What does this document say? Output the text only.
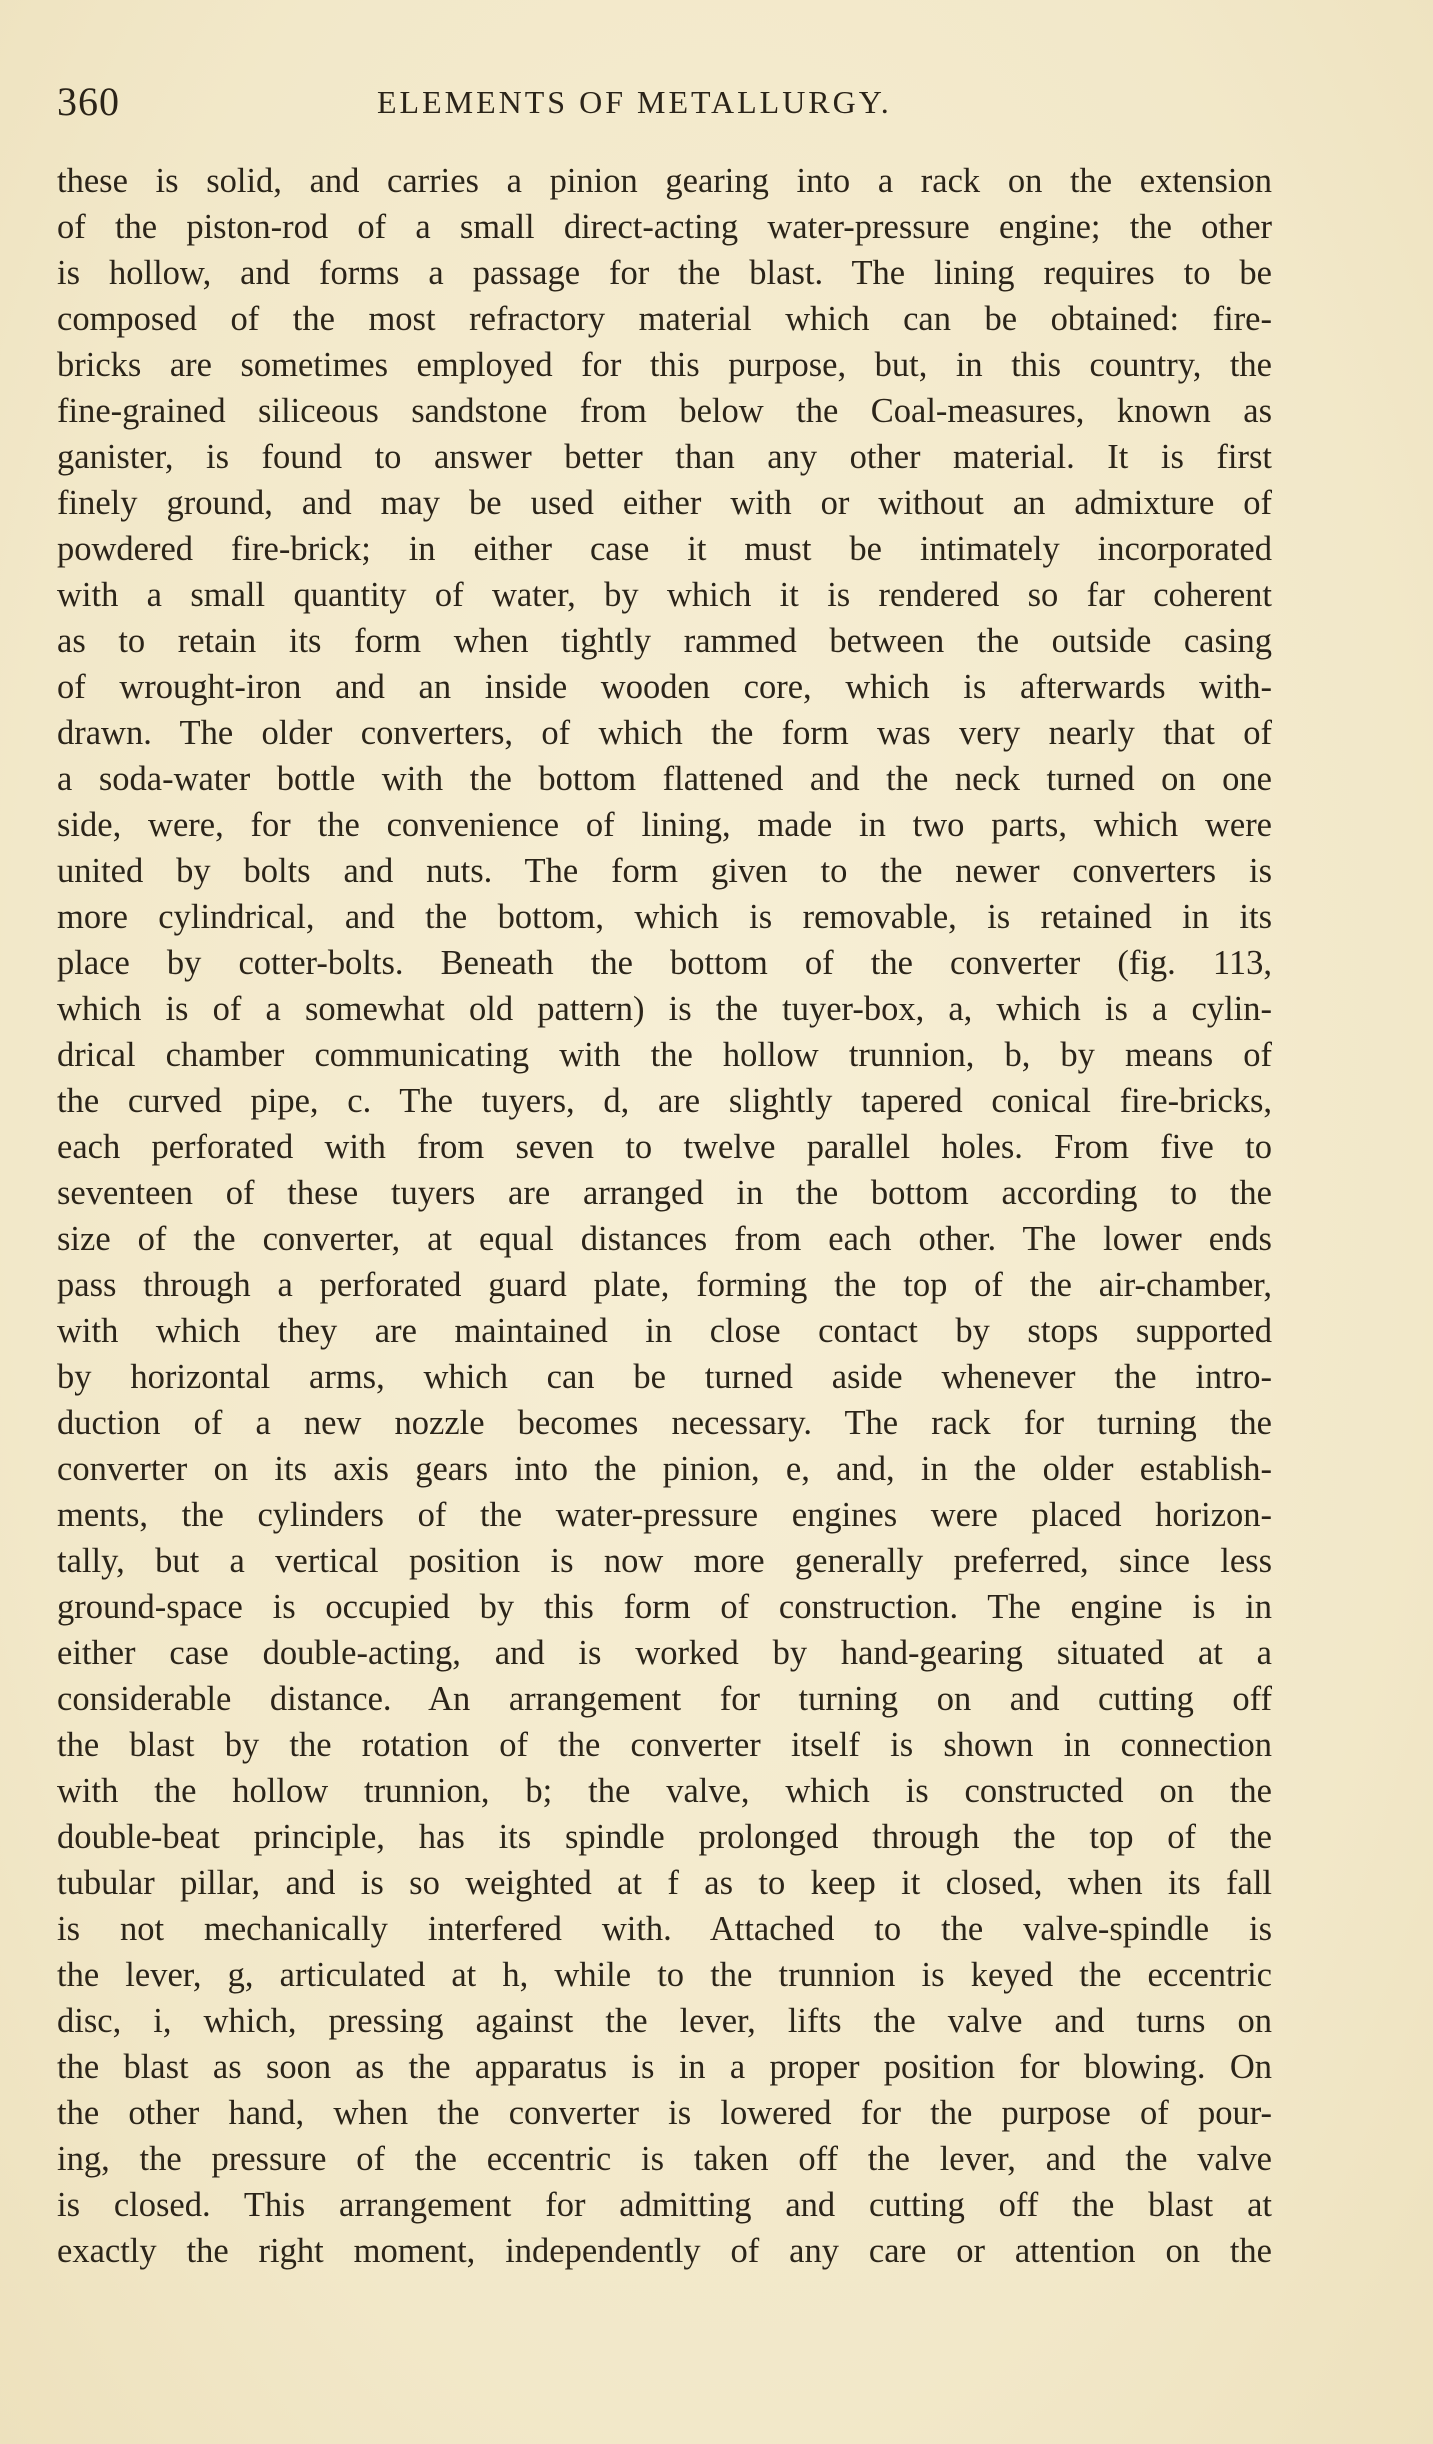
360	ELEMENTS OF METALLURGY.
these is solid, and carries a pinion gearing into a rack on the extension
of the piston-rod of a small direct-acting water-pressure engine; the other
is hollow, and forms a passage for the blast. The lining requires to be
composed of the most refractory material which can be obtained: fire-
bricks are sometimes employed for this purpose, but, in this country, the
fine-grained siliceous sandstone from below the Coal-measures, known as
ganister, is found to answer better than any other material. It is first
finely ground, and may be used either with or without an admixture of
powdered fire-brick; in either case it must be intimately incorporated
with a small quantity of water, by which it is rendered so far coherent
as to retain its form when tightly rammed between the outside casing
of wrought-iron and an inside wooden core, which is afterwards with-
drawn. The older converters, of which the form was very nearly that of
a soda-water bottle with the bottom flattened and the neck turned on one
side, were, for the convenience of lining, made in two parts, which were
united by bolts and nuts. The form given to the newer converters is
more cylindrical, and the bottom, which is removable, is retained in its
place by cotter-bolts. Beneath the bottom of the converter (fig. 113,
which is of a somewhat old pattern) is the tuyer-box, a, which is a cylin-
drical chamber communicating with the hollow trunnion, b, by means of
the curved pipe, c. The tuyers, d, are slightly tapered conical fire-bricks,
each perforated with from seven to twelve parallel holes. From five to
seventeen of these tuyers are arranged in the bottom according to the
size of the converter, at equal distances from each other. The lower ends
pass through a perforated guard plate, forming the top of the air-chamber,
with which they are maintained in close contact by stops supported
by horizontal arms, which can be turned aside whenever the intro-
duction of a new nozzle becomes necessary. The rack for turning the
converter on its axis gears into the pinion, e, and, in the older establish-
ments, the cylinders of the water-pressure engines were placed horizon-
tally, but a vertical position is now more generally preferred, since less
ground-space is occupied by this form of construction. The engine is in
either case double-acting, and is worked by hand-gearing situated at a
considerable distance. An arrangement for turning on and cutting off
the blast by the rotation of the converter itself is shown in connection
with the hollow trunnion, b; the valve, which is constructed on the
double-beat principle, has its spindle prolonged through the top of the
tubular pillar, and is so weighted at f as to keep it closed, when its fall
is not mechanically interfered with. Attached to the valve-spindle is
the lever, g, articulated at h, while to the trunnion is keyed the eccentric
disc, i, which, pressing against the lever, lifts the valve and turns on
the blast as soon as the apparatus is in a proper position for blowing. On
the other hand, when the converter is lowered for the purpose of pour-
ing, the pressure of the eccentric is taken off the lever, and the valve
is closed. This arrangement for admitting and cutting off the blast at
exactly the right moment, independently of any care or attention on the
